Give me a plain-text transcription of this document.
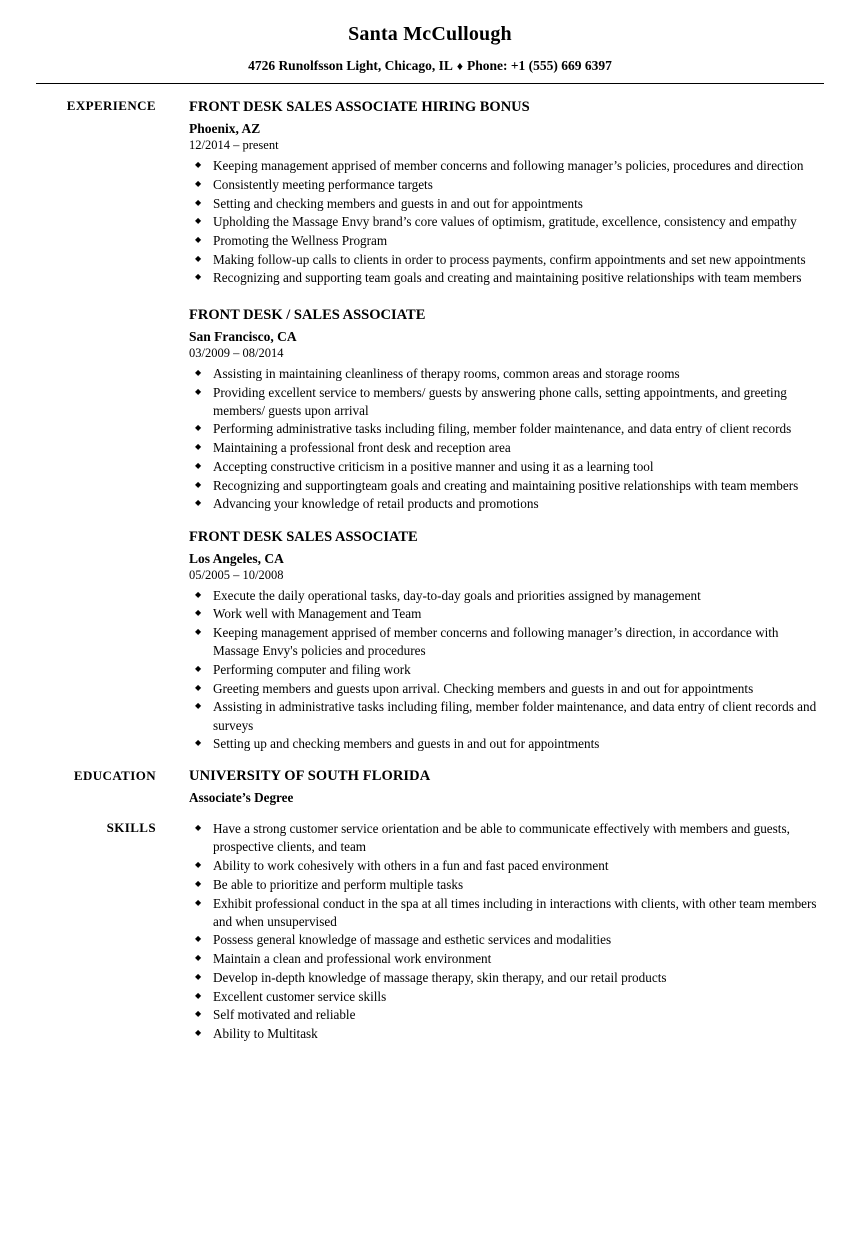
Santa McCullough
4726 Runolfsson Light, Chicago, IL ♦ Phone: +1 (555) 669 6397
EXPERIENCE FRONT DESK SALES ASSOCIATE HIRING BONUS
Phoenix, AZ
12/2014 – present
◆ Keeping management apprised of member concerns and following manager’s policies, procedures and direction
◆ Consistently meeting performance targets
◆ Setting and checking members and guests in and out for appointments
◆ Upholding the Massage Envy brand’s core values of optimism, gratitude, excellence, consistency and empathy
◆ Promoting the Wellness Program
◆ Making follow-up calls to clients in order to process payments, confirm appointments and set new appointments
◆ Recognizing and supporting team goals and creating and maintaining positive relationships with team members
FRONT DESK / SALES ASSOCIATE
San Francisco, CA
03/2009 – 08/2014
◆ Assisting in maintaining cleanliness of therapy rooms, common areas and storage rooms
◆ Providing excellent service to members/ guests by answering phone calls, setting appointments, and greeting members/ guests upon arrival
◆ Performing administrative tasks including filing, member folder maintenance, and data entry of client records
◆ Maintaining a professional front desk and reception area
◆ Accepting constructive criticism in a positive manner and using it as a learning tool
◆ Recognizing and supportingteam goals and creating and maintaining positive relationships with team members
◆ Advancing your knowledge of retail products and promotions
FRONT DESK SALES ASSOCIATE
Los Angeles, CA
05/2005 – 10/2008
◆ Execute the daily operational tasks, day-to-day goals and priorities assigned by management
◆ Work well with Management and Team
◆ Keeping management apprised of member concerns and following manager’s direction, in accordance with Massage Envy's policies and procedures
◆ Performing computer and filing work
◆ Greeting members and guests upon arrival. Checking members and guests in and out for appointments
◆ Assisting in administrative tasks including filing, member folder maintenance, and data entry of client records and surveys
◆ Setting up and checking members and guests in and out for appointments
EDUCATION UNIVERSITY OF SOUTH FLORIDA
Associate’s Degree
SKILLS	◆ Have a strong customer service orientation and be able to communicate effectively with members and guests, prospective clients, and team
◆ Ability to work cohesively with others in a fun and fast paced environment
◆ Be able to prioritize and perform multiple tasks
◆ Exhibit professional conduct in the spa at all times including in interactions with clients, with other team members and when unsupervised
◆ Possess general knowledge of massage and esthetic services and modalities
◆ Maintain a clean and professional work environment
◆ Develop in-depth knowledge of massage therapy, skin therapy, and our retail products
◆ Excellent customer service skills
◆ Self motivated and reliable
◆ Ability to Multitask
